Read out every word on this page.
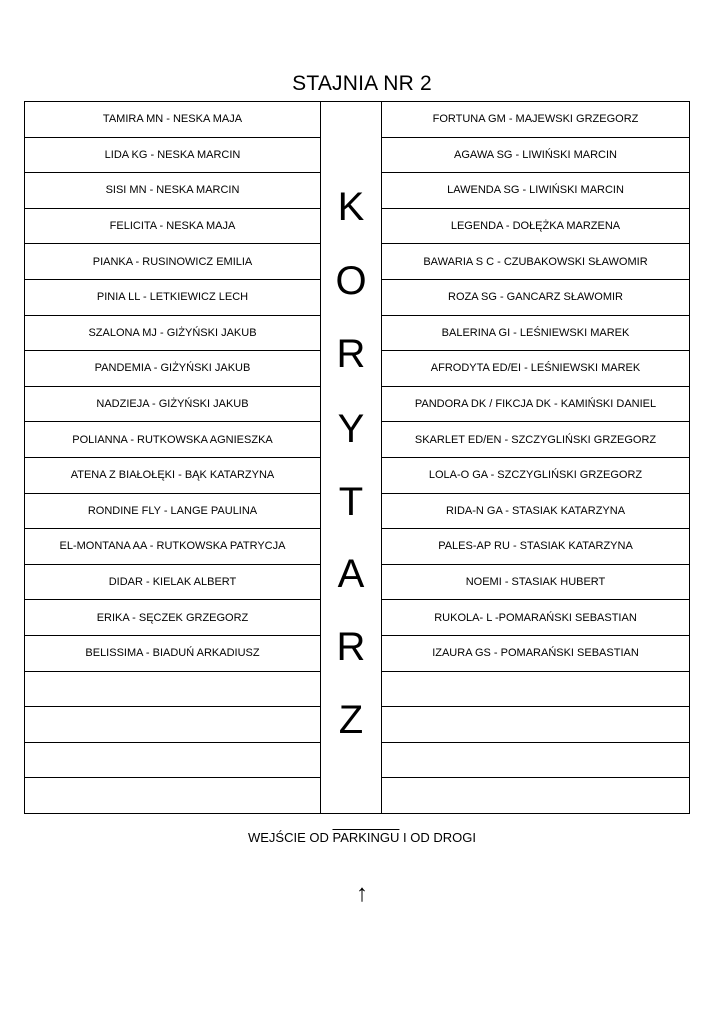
STAJNIA NR 2
TAMIRA MN - NESKA MAJA
LIDA KG - NESKA MARCIN
SISI MN - NESKA MARCIN
FELICITA - NESKA MAJA
PIANKA - RUSINOWICZ EMILIA
PINIA LL - LETKIEWICZ LECH
SZALONA MJ - GIŻYŃSKI JAKUB
PANDEMIA - GIŻYŃSKI JAKUB
NADZIEJA - GIŻYŃSKI JAKUB
POLIANNA - RUTKOWSKA AGNIESZKA
ATENA Z BIAŁOŁĘKI - BĄK KATARZYNA
RONDINE FLY - LANGE PAULINA
EL-MONTANA AA - RUTKOWSKA PATRYCJA
DIDAR - KIELAK ALBERT
ERIKA - SĘCZEK GRZEGORZ
BELISSIMA - BIADUŃ ARKADIUSZ
K
O
R
Y
T
A
R
Z
FORTUNA GM - MAJEWSKI GRZEGORZ
AGAWA SG - LIWIŃSKI MARCIN
LAWENDA SG - LIWIŃSKI MARCIN
LEGENDA - DOŁĘŻKA MARZENA
BAWARIA S C - CZUBAKOWSKI SŁAWOMIR
ROZA SG - GANCARZ SŁAWOMIR
BALERINA GI - LEŚNIEWSKI MAREK
AFRODYTA ED/EI - LEŚNIEWSKI MAREK
PANDORA DK / FIKCJA DK - KAMIŃSKI DANIEL
SKARLET ED/EN - SZCZYGLIŃSKI GRZEGORZ
LOLA-O GA - SZCZYGLIŃSKI GRZEGORZ
RIDA-N GA - STASIAK KATARZYNA
PALES-AP RU - STASIAK KATARZYNA
NOEMI - STASIAK HUBERT
RUKOLA- L -POMARAŃSKI SEBASTIAN
IZAURA GS - POMARAŃSKI SEBASTIAN
WEJŚCIE OD PARKINGU I OD DROGI
↑
